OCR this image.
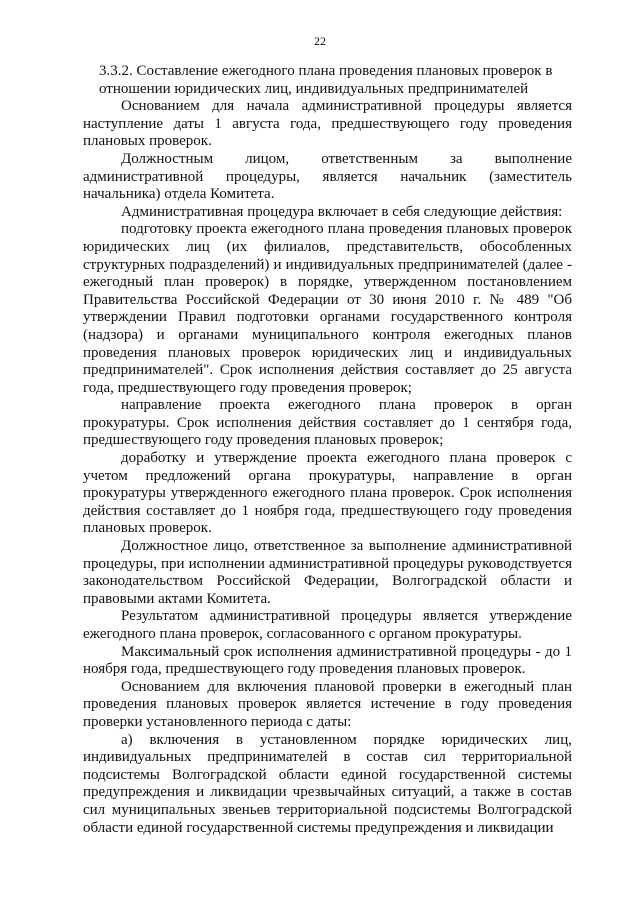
22

3.3.2. Составление ежегодного плана проведения плановых проверок в

отношении юридических лиц, индивидуальных предпринимателей

Основанием для начала административной процедуры является наступление даты 1 августа года, предшествующего году проведения плановых проверок.

Должностным лицом, ответственным за выполнение административной процедуры, является начальник (заместитель начальника) отдела Комитета.

Административная процедура включает в себя следующие действия:

подготовку проекта ежегодного плана проведения плановых проверок юридических лиц (их филиалов, представительств, обособленных структурных подразделений) и индивидуальных предпринимателей (далее - ежегодный план проверок) в порядке, утвержденном постановлением Правительства Российской Федерации от 30 июня 2010 г. № 489 "Об утверждении Правил подготовки органами государственного контроля (надзора) и органами муниципального контроля ежегодных планов проведения плановых проверок юридических лиц и индивидуальных предпринимателей". Срок исполнения действия составляет до 25 августа года, предшествующего году проведения проверок;

направление проекта ежегодного плана проверок в орган прокуратуры. Срок исполнения действия составляет до 1 сентября года, предшествующего году проведения плановых проверок;

доработку и утверждение проекта ежегодного плана проверок с учетом предложений органа прокуратуры, направление в орган прокуратуры утвержденного ежегодного плана проверок. Срок исполнения действия составляет до 1 ноября года, предшествующего году проведения плановых проверок.

Должностное лицо, ответственное за выполнение административной процедуры, при исполнении административной процедуры руководствуется законодательством Российской Федерации, Волгоградской области и правовыми актами Комитета.

Результатом административной процедуры является утверждение ежегодного плана проверок, согласованного с органом прокуратуры.

Максимальный срок исполнения административной процедуры - до 1 ноября года, предшествующего году проведения плановых проверок.

Основанием для включения плановой проверки в ежегодный план проведения плановых проверок является истечение в году проведения проверки установленного периода с даты:

а) включения в установленном порядке юридических лиц, индивидуальных предпринимателей в состав сил территориальной подсистемы Волгоградской области единой государственной системы предупреждения и ликвидации чрезвычайных ситуаций, а также в состав сил муниципальных звеньев территориальной подсистемы Волгоградской области единой государственной системы предупреждения и ликвидации
